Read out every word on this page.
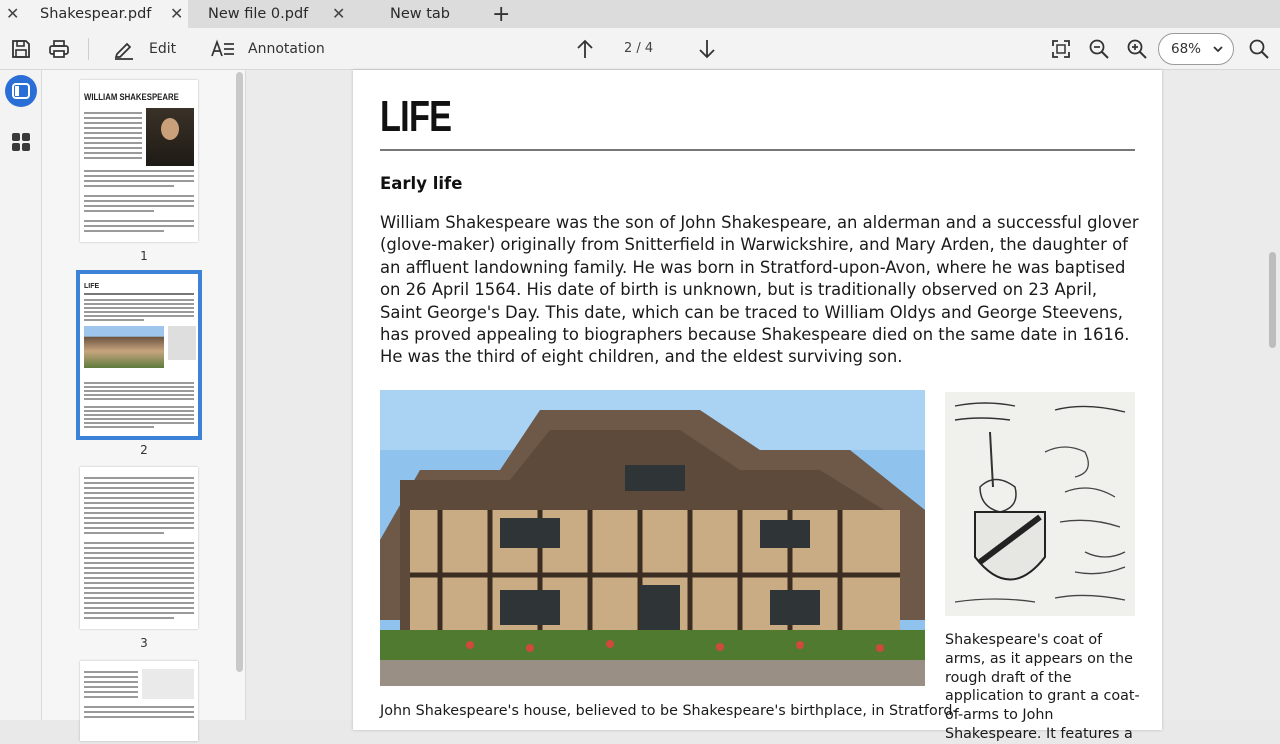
✕ Shakespear.pdf ✕ New file 0.pdf ✕	New tab +
Edit	Annotation	2 / 4	68%
WILLIAM SHAKESPEARE
1
LIFE
2
3
LIFE
Early life
William Shakespeare was the son of John Shakespeare, an alderman and a successful glover (glove-maker) originally from Snitterfield in Warwickshire, and Mary Arden, the daughter of an affluent landowning family. He was born in Stratford-upon-Avon, where he was baptised on 26 April 1564. His date of birth is unknown, but is traditionally observed on 23 April, Saint George's Day. This date, which can be traced to William Oldys and George Steevens, has proved appealing to biographers because Shakespeare died on the same date in 1616. He was the third of eight children, and the eldest surviving son.
Shakespeare's coat of arms, as it appears on the rough draft of the application to grant a coat-of-arms to John Shakespeare. It features a
John Shakespeare's house, believed to be Shakespeare's birthplace, in Stratford-
